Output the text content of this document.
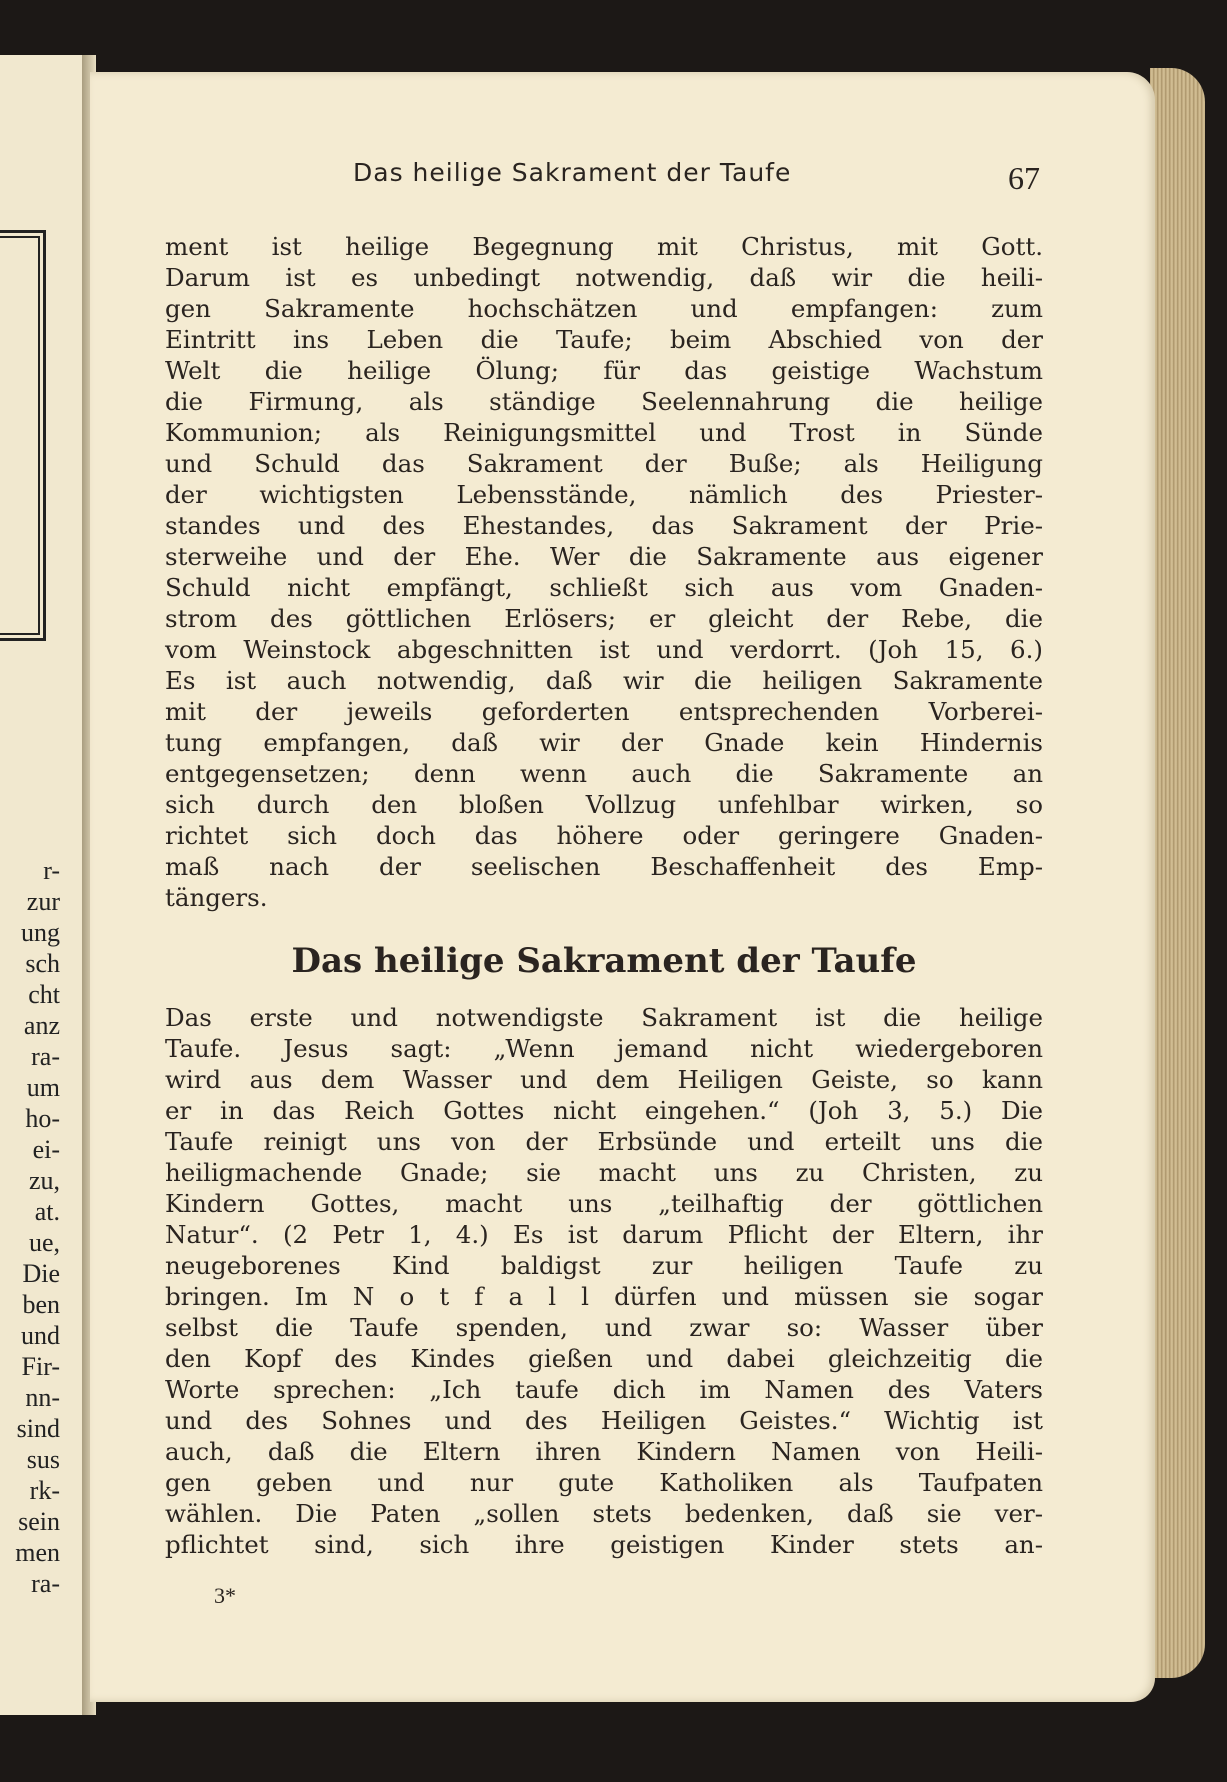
r-
zur
ung
sch
cht
anz
ra-
um
ho-
ei-
zu,
at.
ue,
Die
ben
und
Fir-
nn-
sind
sus
rk-
sein
men
ra-
Das heilige Sakrament der Taufe	67
ment ist heilige Begegnung mit Christus, mit Gott.
Darum ist es unbedingt notwendig, daß wir die heili-
gen Sakramente hochschätzen und empfangen: zum
Eintritt ins Leben die Taufe; beim Abschied von der
Welt die heilige Ölung; für das geistige Wachstum
die Firmung, als ständige Seelennahrung die heilige
Kommunion; als Reinigungsmittel und Trost in Sünde
und Schuld das Sakrament der Buße; als Heiligung
der wichtigsten Lebensstände, nämlich des Priester-
standes und des Ehestandes, das Sakrament der Prie-
sterweihe und der Ehe. Wer die Sakramente aus eigener
Schuld nicht empfängt, schließt sich aus vom Gnaden-
strom des göttlichen Erlösers; er gleicht der Rebe, die
vom Weinstock abgeschnitten ist und verdorrt. (Joh 15, 6.)
Es ist auch notwendig, daß wir die heiligen Sakramente
mit der jeweils geforderten entsprechenden Vorberei-
tung empfangen, daß wir der Gnade kein Hindernis
entgegensetzen; denn wenn auch die Sakramente an
sich durch den bloßen Vollzug unfehlbar wirken, so
richtet sich doch das höhere oder geringere Gnaden-
maß nach der seelischen Beschaffenheit des Emp-
tängers.
Das heilige Sakrament der Taufe
Das erste und notwendigste Sakrament ist die heilige
Taufe. Jesus sagt: „Wenn jemand nicht wiedergeboren
wird aus dem Wasser und dem Heiligen Geiste, so kann
er in das Reich Gottes nicht eingehen.“ (Joh 3, 5.) Die
Taufe reinigt uns von der Erbsünde und erteilt uns die
heiligmachende Gnade; sie macht uns zu Christen, zu
Kindern Gottes, macht uns „teilhaftig der göttlichen
Natur“. (2 Petr 1, 4.) Es ist darum Pflicht der Eltern, ihr
neugeborenes Kind baldigst zur heiligen Taufe zu
bringen. Im N o t f a l l dürfen und müssen sie sogar
selbst die Taufe spenden, und zwar so: Wasser über
den Kopf des Kindes gießen und dabei gleichzeitig die
Worte sprechen: „Ich taufe dich im Namen des Vaters
und des Sohnes und des Heiligen Geistes.“ Wichtig ist
auch, daß die Eltern ihren Kindern Namen von Heili-
gen geben und nur gute Katholiken als Taufpaten
wählen. Die Paten „sollen stets bedenken, daß sie ver-
pflichtet sind, sich ihre geistigen Kinder stets an-
3*
